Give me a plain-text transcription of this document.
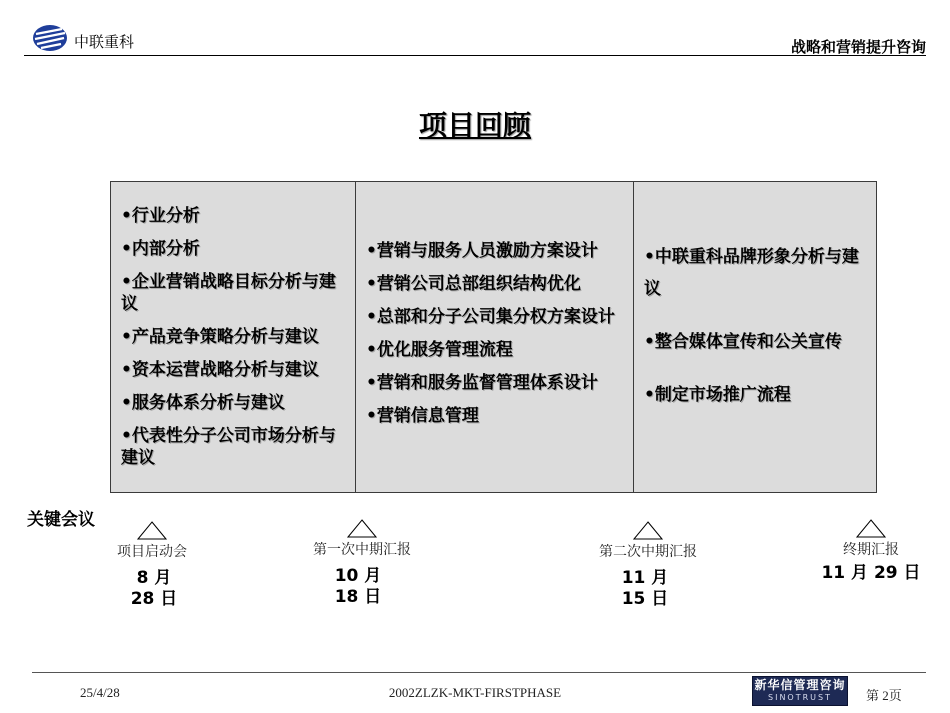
中联重科	战略和营销提升咨询
项目回顾
•行业分析
•内部分析
•企业营销战略目标分析与建议
•产品竞争策略分析与建议
•资本运营战略分析与建议
•服务体系分析与建议
•代表性分子公司市场分析与建议
•营销与服务人员激励方案设计
•营销公司总部组织结构优化
•总部和分子公司集分权方案设计
•优化服务管理流程
•营销和服务监督管理体系设计
•营销信息管理
•中联重科品牌形象分析与建议
•整合媒体宣传和公关宣传
•制定市场推广流程
关键会议
项目启动会
8 月 28 日
第一次中期汇报
10 月 18 日
第二次中期汇报
11 月 15 日
终期汇报
11 月 29 日
25/4/28	2002ZLZK-MKT-FIRSTPHASE	新华信管理咨询
SINOTRUST	第 2页
